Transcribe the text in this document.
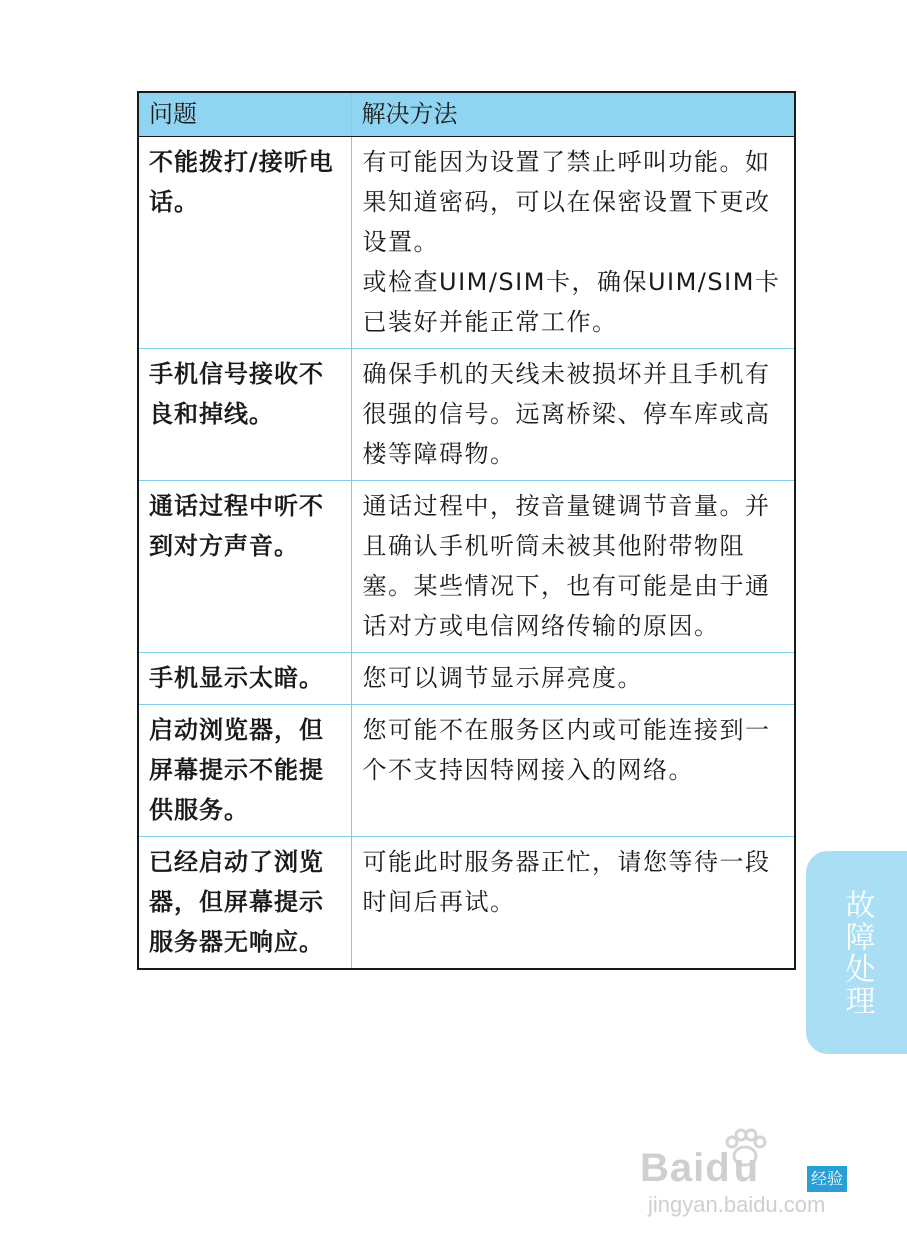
问题	解决方法
不能拨打/接听电话。	有可能因为设置了禁止呼叫功能。如果知道密码，可以在保密设置下更改设置。
或检查UIM/SIM卡，确保UIM/SIM卡已装好并能正常工作。

手机信号接收不良和掉线。	确保手机的天线未被损坏并且手机有很强的信号。远离桥梁、停车库或高楼等障碍物。
通话过程中听不到对方声音。	通话过程中，按音量键调节音量。并且确认手机听筒未被其他附带物阻塞。某些情况下，也有可能是由于通话对方或电信网络传输的原因。
手机显示太暗。	您可以调节显示屏亮度。
启动浏览器，但屏幕提示不能提供服务。	您可能不在服务区内或可能连接到一个不支持因特网接入的网络。
已经启动了浏览器，但屏幕提示服务器无响应。	可能此时服务器正忙，请您等待一段时间后再试。	故障处理
Baidu	经验
jingyan.baidu.com
